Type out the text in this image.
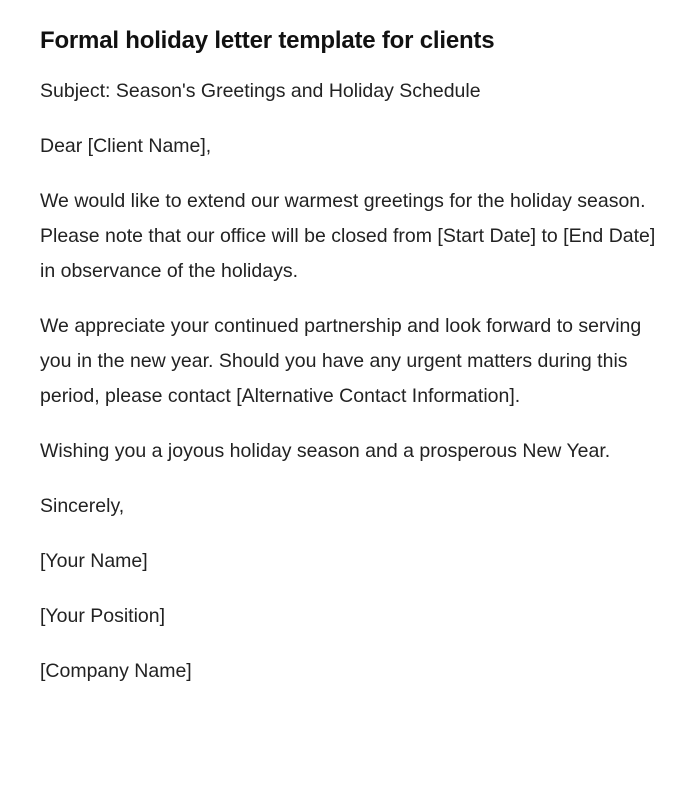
Formal holiday letter template for clients

Subject: Season's Greetings and Holiday Schedule

Dear [Client Name],

We would like to extend our warmest greetings for the holiday season. Please note that our office will be closed from [Start Date] to [End Date] in observance of the holidays.

We appreciate your continued partnership and look forward to serving you in the new year. Should you have any urgent matters during this period, please contact [Alternative Contact Information].

Wishing you a joyous holiday season and a prosperous New Year.

Sincerely,

[Your Name]

[Your Position]

[Company Name]
